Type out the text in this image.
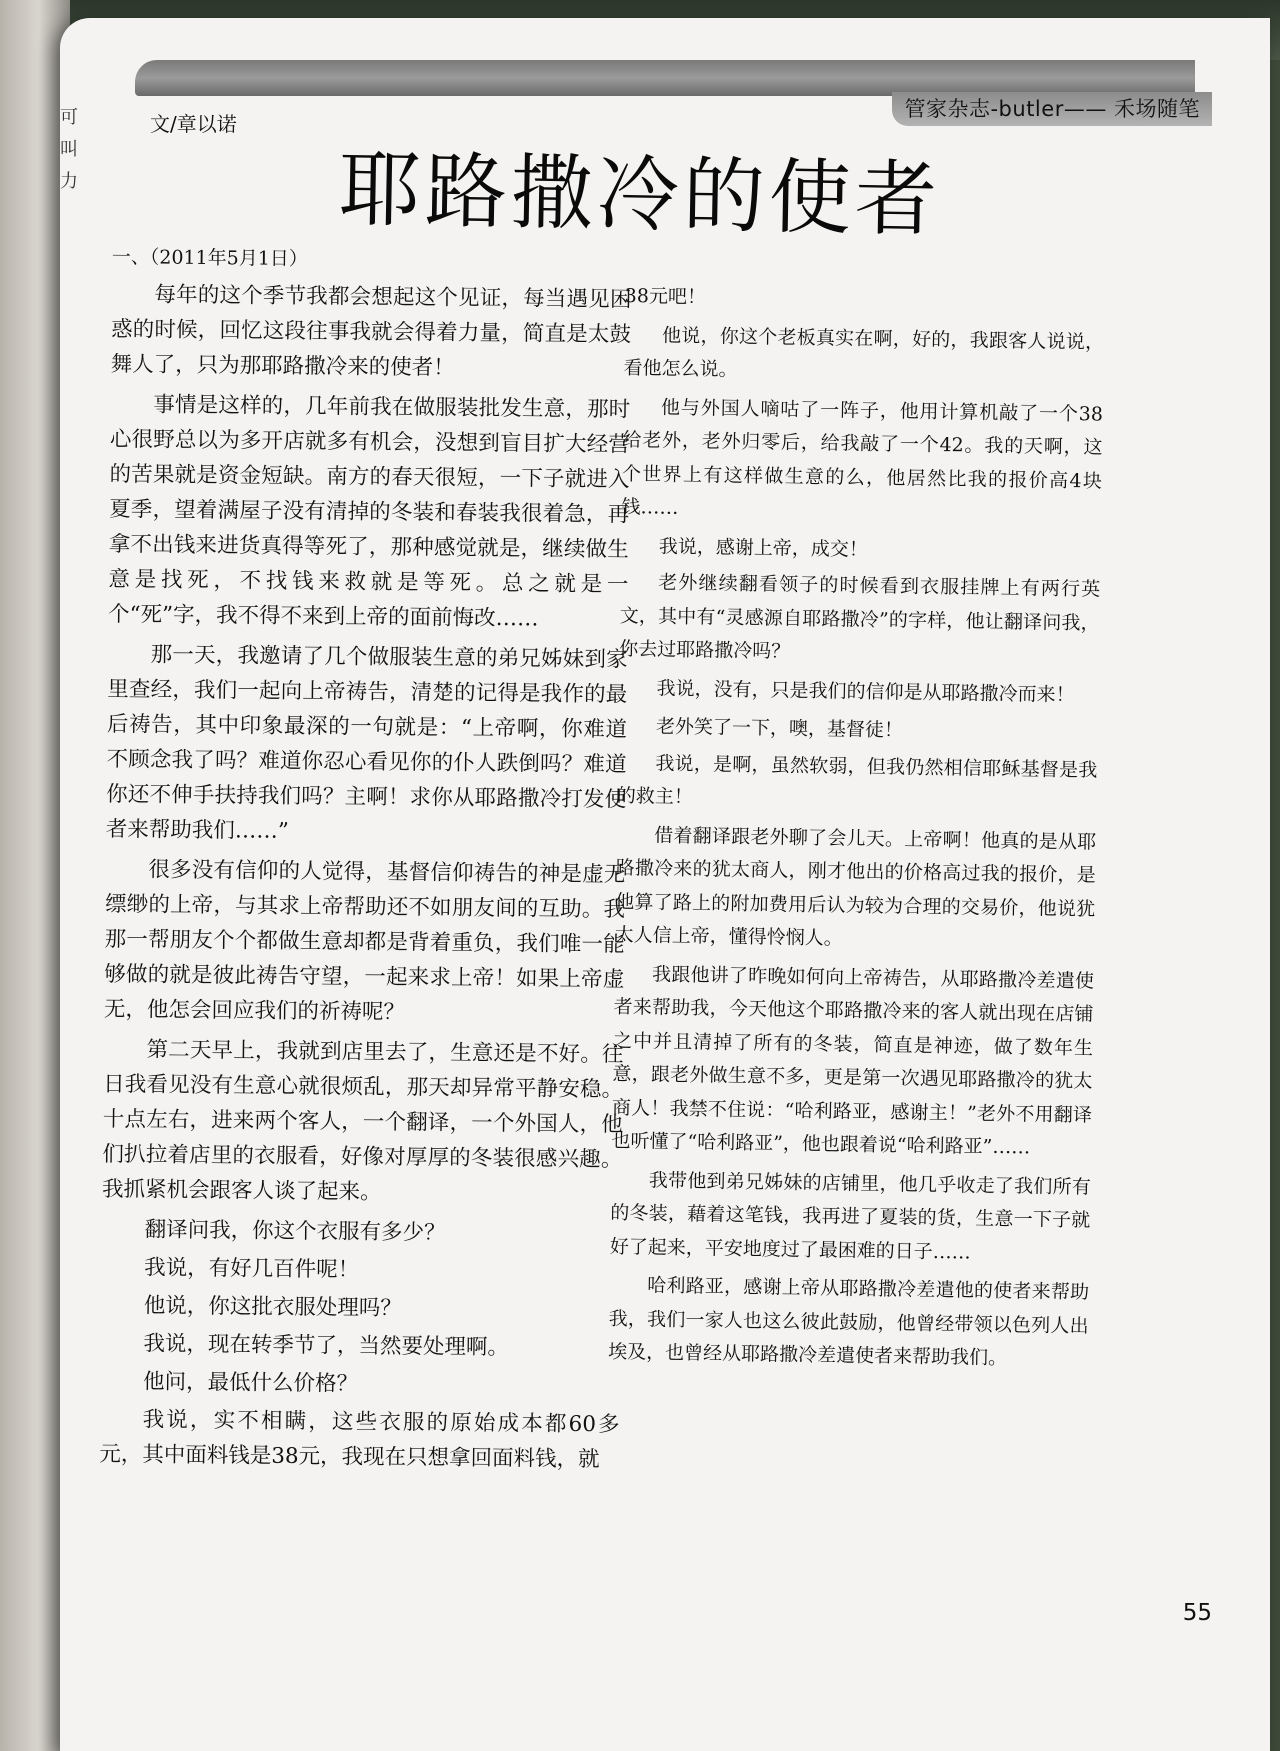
可
叫
力
管家杂志-butler—— 禾场随笔
文/章以诺
耶路撒冷的使者

一、（2011年5月1日）

每年的这个季节我都会想起这个见证，每当遇见困惑的时候，回忆这段往事我就会得着力量，简直是太鼓舞人了，只为那耶路撒冷来的使者！

事情是这样的，几年前我在做服装批发生意，那时心很野总以为多开店就多有机会，没想到盲目扩大经营的苦果就是资金短缺。南方的春天很短，一下子就进入夏季，望着满屋子没有清掉的冬装和春装我很着急，再拿不出钱来进货真得等死了，那种感觉就是，继续做生意是找死，不找钱来救就是等死。总之就是一个“死”字，我不得不来到上帝的面前悔改……

那一天，我邀请了几个做服装生意的弟兄姊妹到家里查经，我们一起向上帝祷告，清楚的记得是我作的最后祷告，其中印象最深的一句就是：“上帝啊，你难道不顾念我了吗？难道你忍心看见你的仆人跌倒吗？难道你还不伸手扶持我们吗？主啊！求你从耶路撒冷打发使者来帮助我们……”

很多没有信仰的人觉得，基督信仰祷告的神是虚无缥缈的上帝，与其求上帝帮助还不如朋友间的互助。我那一帮朋友个个都做生意却都是背着重负，我们唯一能够做的就是彼此祷告守望，一起来求上帝！如果上帝虚无，他怎会回应我们的祈祷呢？

第二天早上，我就到店里去了，生意还是不好。往日我看见没有生意心就很烦乱，那天却异常平静安稳。十点左右，进来两个客人，一个翻译，一个外国人，他们扒拉着店里的衣服看，好像对厚厚的冬装很感兴趣。我抓紧机会跟客人谈了起来。

翻译问我，你这个衣服有多少？

我说，有好几百件呢！

他说，你这批衣服处理吗？

我说，现在转季节了，当然要处理啊。

他问，最低什么价格？

我说，实不相瞒，这些衣服的原始成本都60多元，其中面料钱是38元，我现在只想拿回面料钱，就

38元吧！

他说，你这个老板真实在啊，好的，我跟客人说说，看他怎么说。

他与外国人嘀咕了一阵子，他用计算机敲了一个38给老外，老外归零后，给我敲了一个42。我的天啊，这个世界上有这样做生意的么，他居然比我的报价高4块钱……

我说，感谢上帝，成交！

老外继续翻看领子的时候看到衣服挂牌上有两行英文，其中有“灵感源自耶路撒冷”的字样，他让翻译问我，你去过耶路撒冷吗？

我说，没有，只是我们的信仰是从耶路撒冷而来！

老外笑了一下，噢，基督徒！

我说，是啊，虽然软弱，但我仍然相信耶稣基督是我的救主！

借着翻译跟老外聊了会儿天。上帝啊！他真的是从耶路撒冷来的犹太商人，刚才他出的价格高过我的报价，是他算了路上的附加费用后认为较为合理的交易价，他说犹太人信上帝，懂得怜悯人。

我跟他讲了昨晚如何向上帝祷告，从耶路撒冷差遣使者来帮助我，今天他这个耶路撒冷来的客人就出现在店铺之中并且清掉了所有的冬装，简直是神迹，做了数年生意，跟老外做生意不多，更是第一次遇见耶路撒冷的犹太商人！我禁不住说：“哈利路亚，感谢主！”老外不用翻译也听懂了“哈利路亚”，他也跟着说“哈利路亚”……

我带他到弟兄姊妹的店铺里，他几乎收走了我们所有的冬装，藉着这笔钱，我再进了夏装的货，生意一下子就好了起来，平安地度过了最困难的日子……

哈利路亚，感谢上帝从耶路撒冷差遣他的使者来帮助我，我们一家人也这么彼此鼓励，他曾经带领以色列人出埃及，也曾经从耶路撒冷差遣使者来帮助我们。

55
